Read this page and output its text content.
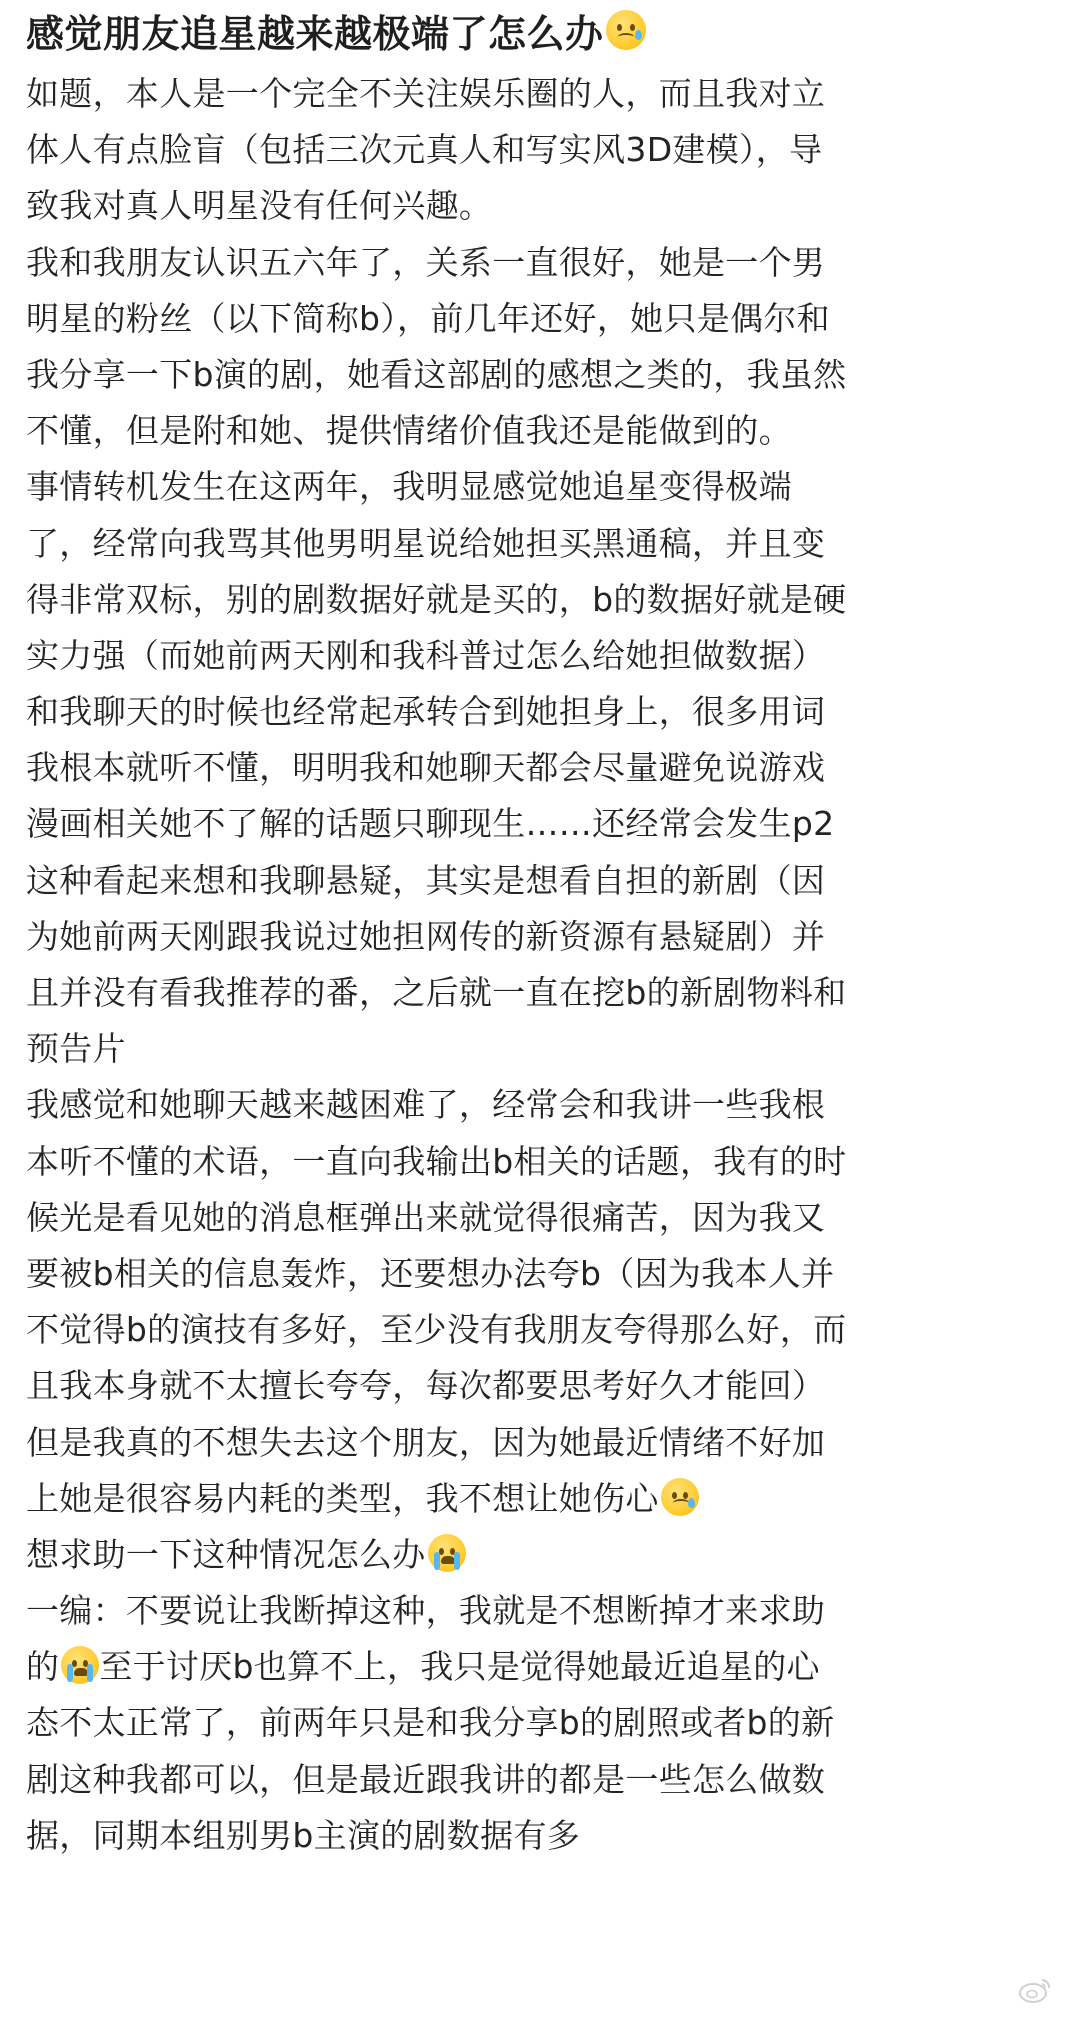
感觉朋友追星越来越极端了怎么办
如题，本人是一个完全不关注娱乐圈的人，而且我对立
体人有点脸盲（包括三次元真人和写实风3D建模），导
致我对真人明星没有任何兴趣。
我和我朋友认识五六年了，关系一直很好，她是一个男
明星的粉丝（以下简称b），前几年还好，她只是偶尔和
我分享一下b演的剧，她看这部剧的感想之类的，我虽然
不懂，但是附和她、提供情绪价值我还是能做到的。
事情转机发生在这两年，我明显感觉她追星变得极端
了，经常向我骂其他男明星说给她担买黑通稿，并且变
得非常双标，别的剧数据好就是买的，b的数据好就是硬
实力强（而她前两天刚和我科普过怎么给她担做数据）
和我聊天的时候也经常起承转合到她担身上，很多用词
我根本就听不懂，明明我和她聊天都会尽量避免说游戏
漫画相关她不了解的话题只聊现生……还经常会发生p2
这种看起来想和我聊悬疑，其实是想看自担的新剧（因
为她前两天刚跟我说过她担网传的新资源有悬疑剧）并
且并没有看我推荐的番，之后就一直在挖b的新剧物料和
预告片
我感觉和她聊天越来越困难了，经常会和我讲一些我根
本听不懂的术语，一直向我输出b相关的话题，我有的时
候光是看见她的消息框弹出来就觉得很痛苦，因为我又
要被b相关的信息轰炸，还要想办法夸b（因为我本人并
不觉得b的演技有多好，至少没有我朋友夸得那么好，而
且我本身就不太擅长夸夸，每次都要思考好久才能回）
但是我真的不想失去这个朋友，因为她最近情绪不好加
上她是很容易内耗的类型，我不想让她伤心
想求助一下这种情况怎么办
一编：不要说让我断掉这种，我就是不想断掉才来求助
的 至于讨厌b也算不上，我只是觉得她最近追星的心
态不太正常了，前两年只是和我分享b的剧照或者b的新
剧这种我都可以，但是最近跟我讲的都是一些怎么做数
据，同期本组别男b主演的剧数据有多
